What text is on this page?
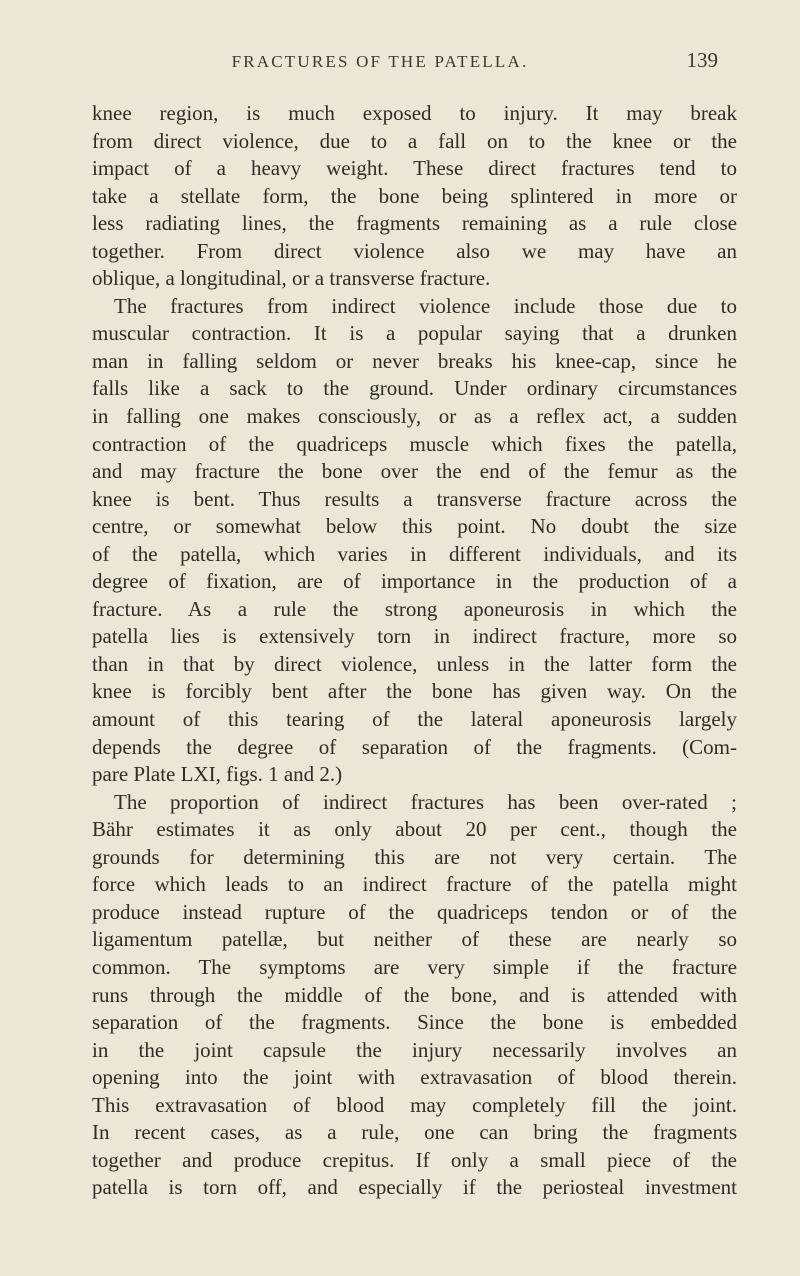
FRACTURES OF THE PATELLA.	139
knee region, is much exposed to injury. It may break
from direct violence, due to a fall on to the knee or the
impact of a heavy weight. These direct fractures tend to
take a stellate form, the bone being splintered in more or
less radiating lines, the fragments remaining as a rule close
together. From direct violence also we may have an
oblique, a longitudinal, or a transverse fracture.
The fractures from indirect violence include those due to
muscular contraction. It is a popular saying that a drunken
man in falling seldom or never breaks his knee-cap, since he
falls like a sack to the ground. Under ordinary circumstances
in falling one makes consciously, or as a reflex act, a sudden
contraction of the quadriceps muscle which fixes the patella,
and may fracture the bone over the end of the femur as the
knee is bent. Thus results a transverse fracture across the
centre, or somewhat below this point. No doubt the size
of the patella, which varies in different individuals, and its
degree of fixation, are of importance in the production of a
fracture. As a rule the strong aponeurosis in which the
patella lies is extensively torn in indirect fracture, more so
than in that by direct violence, unless in the latter form the
knee is forcibly bent after the bone has given way. On the
amount of this tearing of the lateral aponeurosis largely
depends the degree of separation of the fragments. (Com-
pare Plate LXI, figs. 1 and 2.)
The proportion of indirect fractures has been over-rated ;
Bähr estimates it as only about 20 per cent., though the
grounds for determining this are not very certain. The
force which leads to an indirect fracture of the patella might
produce instead rupture of the quadriceps tendon or of the
ligamentum patellæ, but neither of these are nearly so
common. The symptoms are very simple if the fracture
runs through the middle of the bone, and is attended with
separation of the fragments. Since the bone is embedded
in the joint capsule the injury necessarily involves an
opening into the joint with extravasation of blood therein.
This extravasation of blood may completely fill the joint.
In recent cases, as a rule, one can bring the fragments
together and produce crepitus. If only a small piece of the
patella is torn off, and especially if the periosteal investment
